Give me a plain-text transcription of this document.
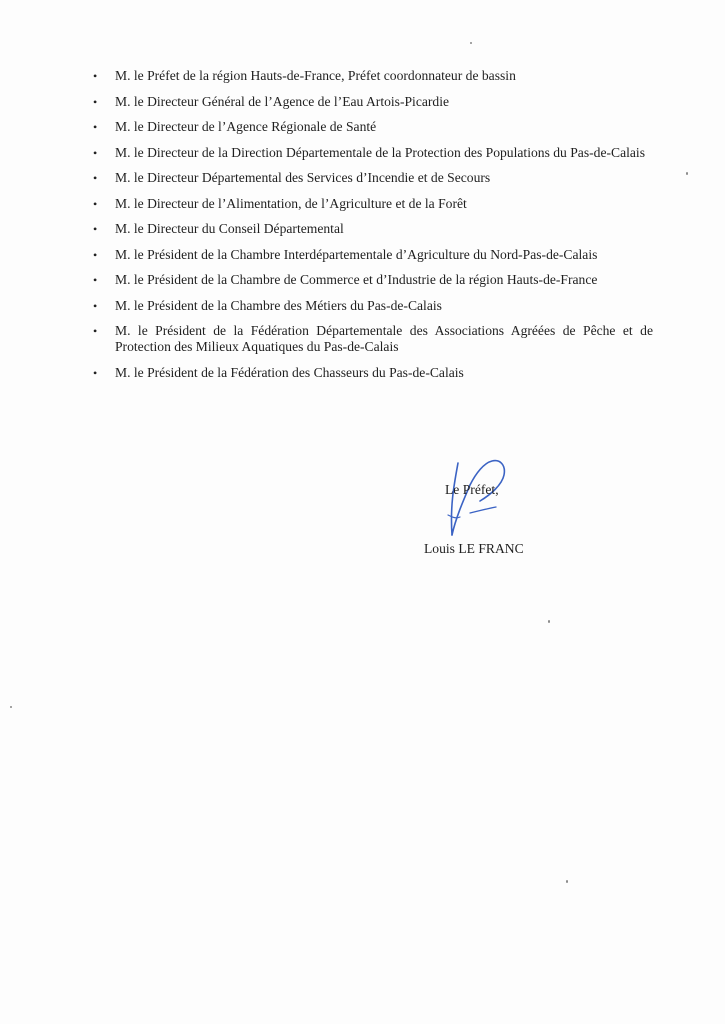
• M. le Préfet de la région Hauts-de-France, Préfet coordonnateur de bassin
• M. le Directeur Général de l’Agence de l’Eau Artois-Picardie
• M. le Directeur de l’Agence Régionale de Santé
• M. le Directeur de la Direction Départementale de la Protection des Populations du Pas-de-Calais
• M. le Directeur Départemental des Services d’Incendie et de Secours
• M. le Directeur de l’Alimentation, de l’Agriculture et de la Forêt
• M. le Directeur du Conseil Départemental
• M. le Président de la Chambre Interdépartementale d’Agriculture du Nord-Pas-de-Calais
• M. le Président de la Chambre de Commerce et d’Industrie de la région Hauts-de-France
• M. le Président de la Chambre des Métiers du Pas-de-Calais
• M. le Président de la Fédération Départementale des Associations Agréées de Pêche et de Protection des Milieux Aquatiques du Pas-de-Calais
• M. le Président de la Fédération des Chasseurs du Pas-de-Calais
Le Préfet,
Louis LE FRANC
